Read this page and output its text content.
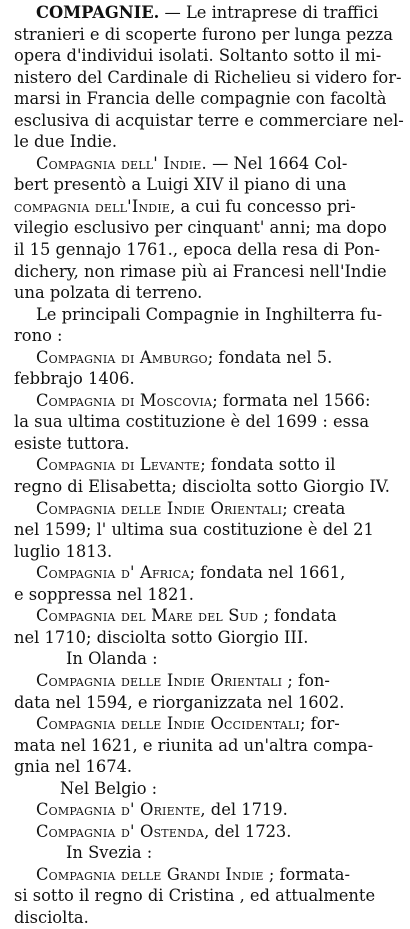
COMPAGNIE. — Le intraprese di traffici
stranieri e di scoperte furono per lunga pezza
opera d'individui isolati. Soltanto sotto il mi-
nistero del Cardinale di Richelieu si videro for-
marsi in Francia delle compagnie con facoltà
esclusiva di acquistar terre e commerciare nel-
le due Indie.
Compagnia dell' Indie. — Nel 1664 Col-
bert presentò a Luigi XIV il piano di una
compagnia dell'Indie, a cui fu concesso pri-
vilegio esclusivo per cinquant' anni; ma dopo
il 15 gennajo 1761., epoca della resa di Pon-
dichery, non rimase più ai Francesi nell'Indie
una polzata di terreno.
Le principali Compagnie in Inghilterra fu-
rono :
Compagnia di Amburgo; fondata nel 5.
febbrajo 1406.
Compagnia di Moscovia; formata nel 1566:
la sua ultima costituzione è del 1699 : essa
esiste tuttora.
Compagnia di Levante; fondata sotto il
regno di Elisabetta; disciolta sotto Giorgio IV.
Compagnia delle Indie Orientali; creata
nel 1599; l' ultima sua costituzione è del 21
luglio 1813.
Compagnia d' Africa; fondata nel 1661,
e soppressa nel 1821.
Compagnia del Mare del Sud ; fondata
nel 1710; disciolta sotto Giorgio III.
In Olanda :
Compagnia delle Indie Orientali ; fon-
data nel 1594, e riorganizzata nel 1602.
Compagnia delle Indie Occidentali; for-
mata nel 1621, e riunita ad un'altra compa-
gnia nel 1674.
Nel Belgio :
Compagnia d' Oriente, del 1719.
Compagnia d' Ostenda, del 1723.
In Svezia :
Compagnia delle Grandi Indie ; formata-
si sotto il regno di Cristina , ed attualmente
disciolta.
